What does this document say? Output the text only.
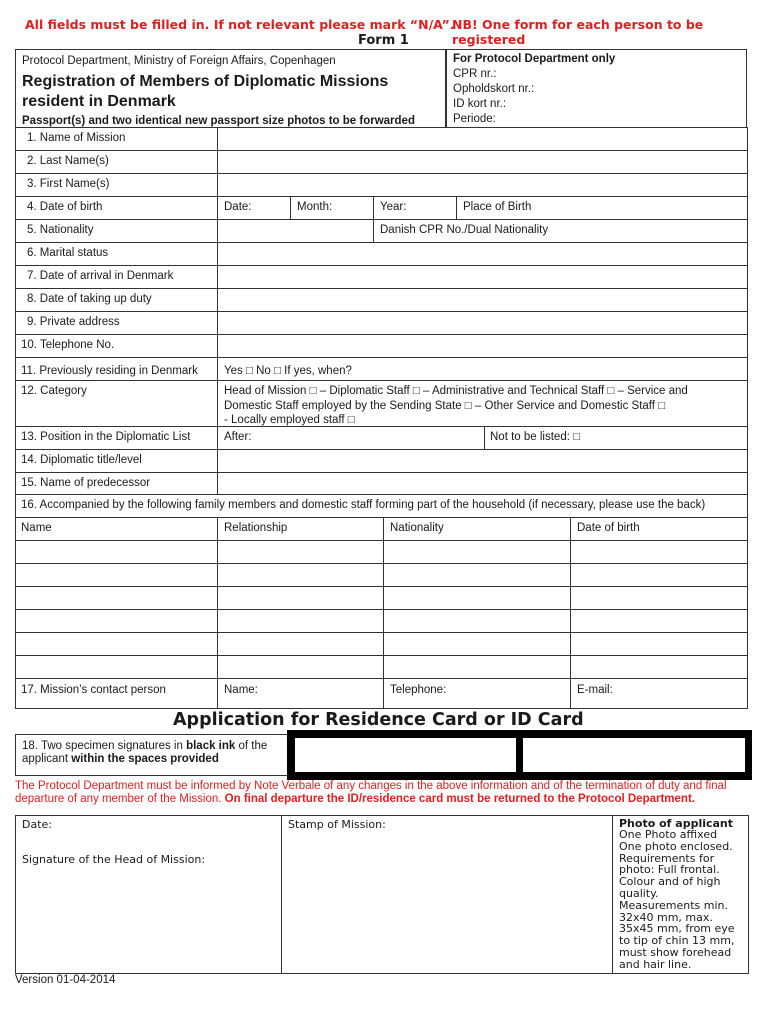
All fields must be filled in. If not relevant please mark “N/A”.
NB! One form for each person to be registered
Form 1
Protocol Department, Ministry of Foreign Affairs, Copenhagen
Registration of Members of Diplomatic Missions
resident in Denmark
Passport(s) and two identical new passport size photos to be forwarded
For Protocol Department only
CPR nr.:
Opholdskort nr.:
ID kort nr.:
Periode:
1. Name of Mission
2. Last Name(s)
3. First Name(s)
4. Date of birth	Date:	Month:	Year:	Place of Birth
5. Nationality	Danish CPR No./Dual Nationality
6. Marital status
7. Date of arrival in Denmark
8. Date of taking up duty
9. Private address
10. Telephone No.
11. Previously residing in Denmark Yes □ No □ If yes, when?
12. Category	Head of Mission □ – Diplomatic Staff □ – Administrative and Technical Staff □ – Service and
Domestic Staff employed by the Sending State □ – Other Service and Domestic Staff □
- Locally employed staff □
13. Position in the Diplomatic List	After:	Not to be listed: □
14. Diplomatic title/level
15. Name of predecessor
16. Accompanied by the following family members and domestic staff forming part of the household (if necessary, please use the back)
Name	Relationship	Nationality	Date of birth
17. Mission’s contact person	Name:	Telephone:	E-mail:
Application for Residence Card or ID Card
18. Two specimen signatures in black ink of the
applicant within the spaces provided
The Protocol Department must be informed by Note Verbale of any changes in the above information and of the termination of duty and final
departure of any member of the Mission. On final departure the ID/residence card must be returned to the Protocol Department.
Date:
Signature of the Head of Mission:
Stamp of Mission:	Photo of applicant
One Photo affixed
One photo enclosed.
Requirements for
photo: Full frontal.
Colour and of high
quality.
Measurements min.
32x40 mm, max.
35x45 mm, from eye
to tip of chin 13 mm,
must show forehead
and hair line.
Version 01-04-2014
